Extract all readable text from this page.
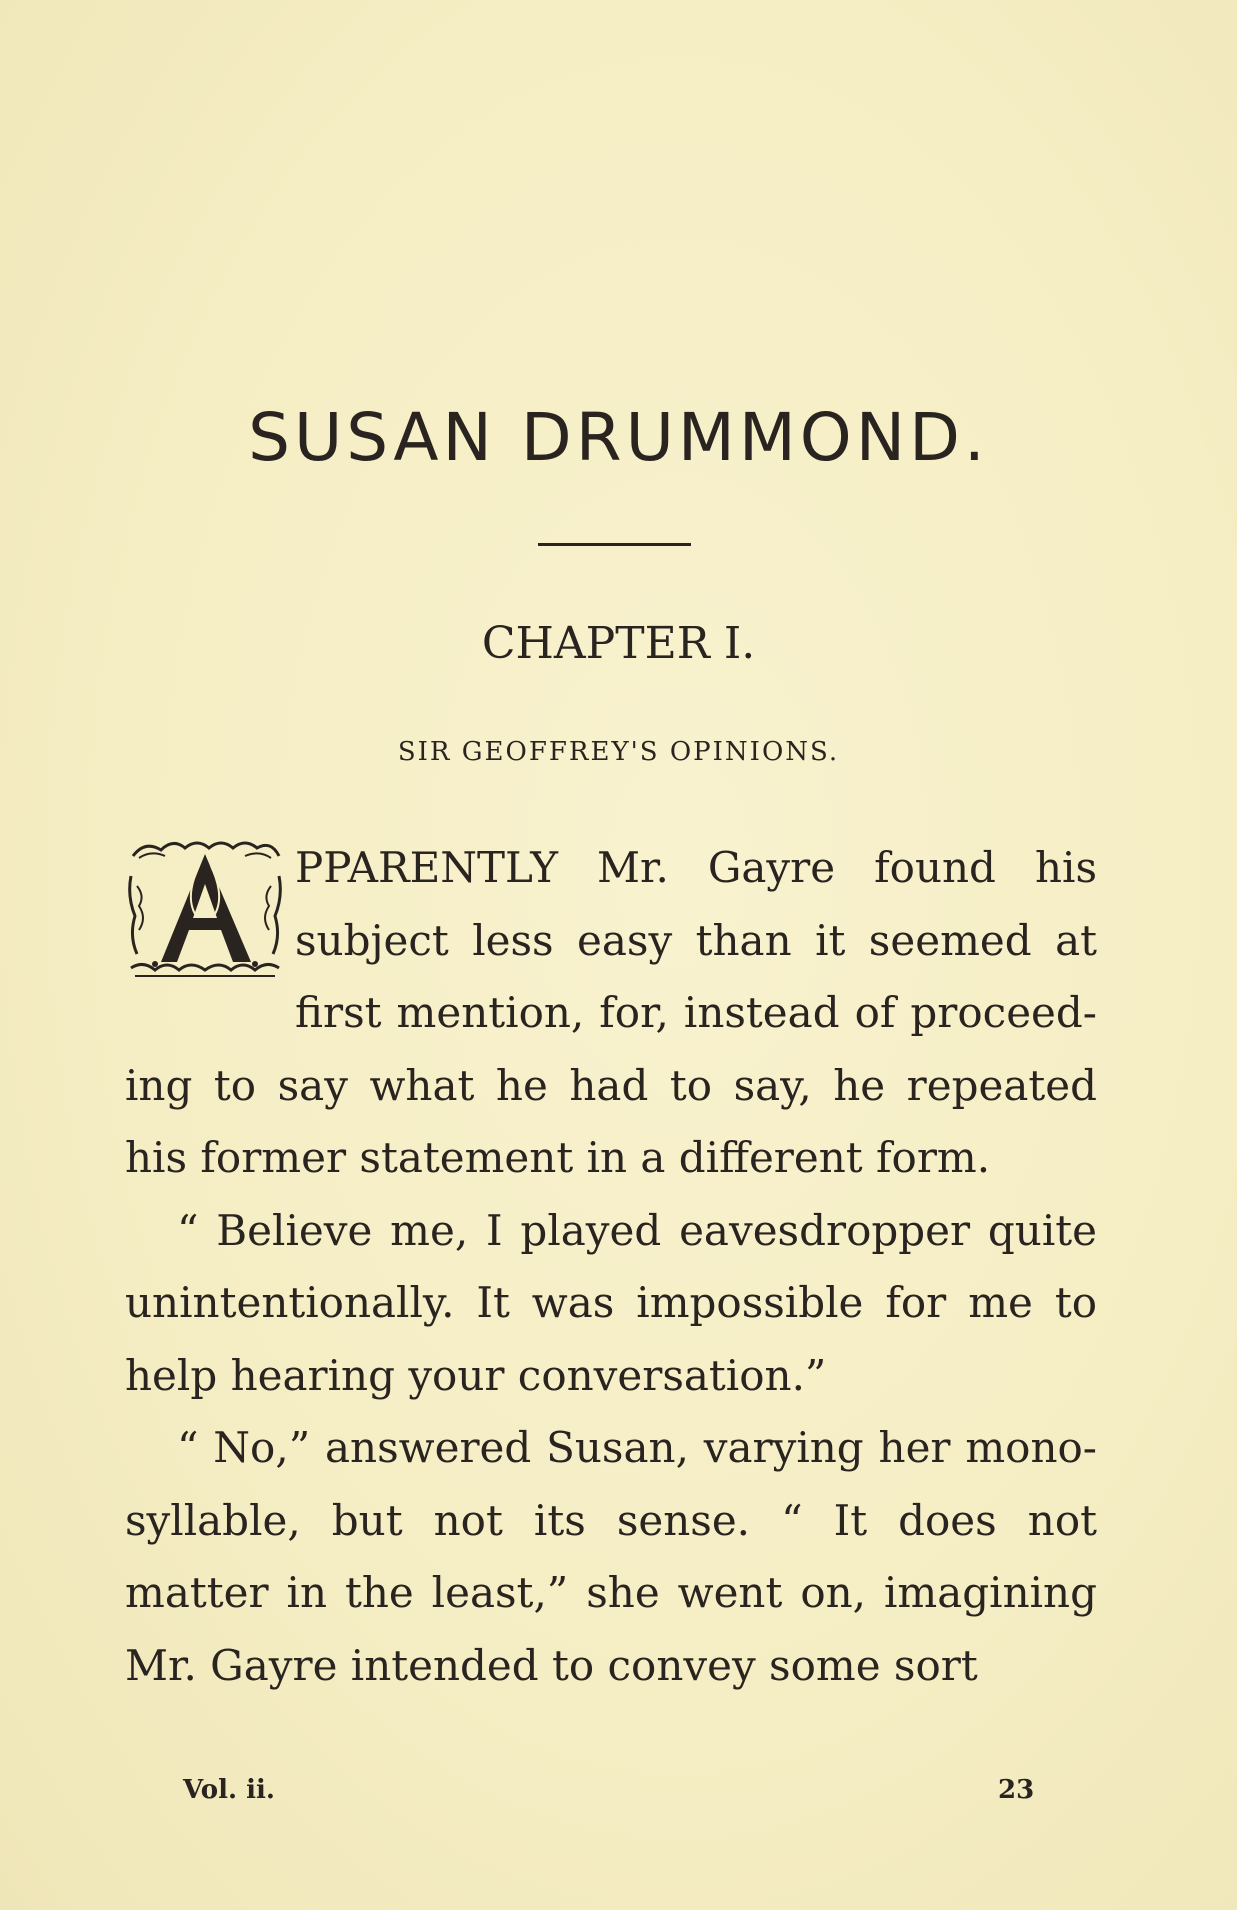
SUSAN DRUMMOND.
CHAPTER I.
SIR GEOFFREY'S OPINIONS.

PPARENTLY Mr. Gayre found his subject less easy than it seemed at first mention, for, instead of proceeding to say what he had to say, he repeated his former statement in a different form.

“ Believe me, I played eavesdropper quite unintentionally. It was impossible for me to help hearing your conversation.”

“ No,” answered Susan, varying her monosyllable, but not its sense. “ It does not matter in the least,” she went on, imagining Mr. Gayre intended to convey some sort

Vol. ii.	23
